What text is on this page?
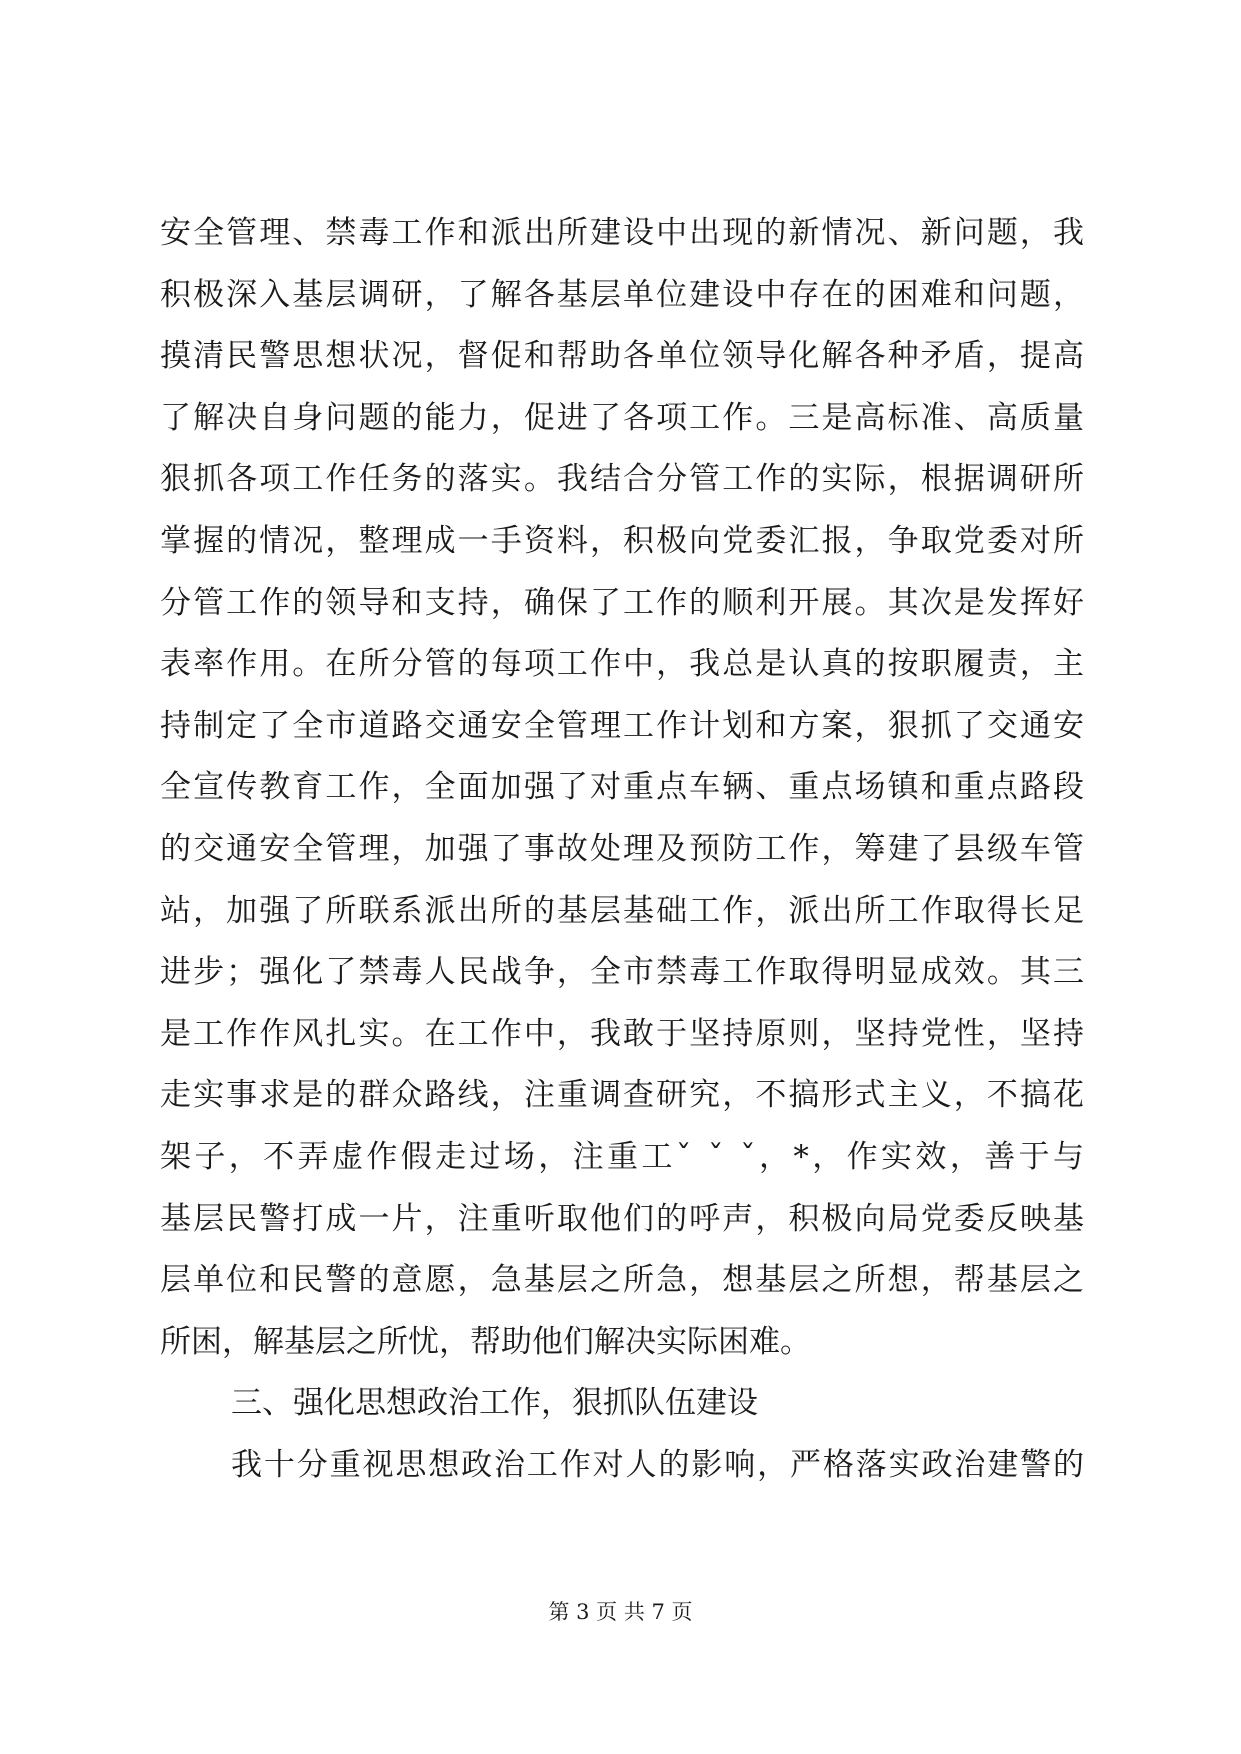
安全管理、禁毒工作和派出所建设中出现的新情况、新问题，我
积极深入基层调研，了解各基层单位建设中存在的困难和问题，
摸清民警思想状况，督促和帮助各单位领导化解各种矛盾，提高
了解决自身问题的能力，促进了各项工作。三是高标准、高质量
狠抓各项工作任务的落实。我结合分管工作的实际，根据调研所
掌握的情况，整理成一手资料，积极向党委汇报，争取党委对所
分管工作的领导和支持，确保了工作的顺利开展。其次是发挥好
表率作用。在所分管的每项工作中，我总是认真的按职履责，主
持制定了全市道路交通安全管理工作计划和方案，狠抓了交通安
全宣传教育工作，全面加强了对重点车辆、重点场镇和重点路段
的交通安全管理，加强了事故处理及预防工作，筹建了县级车管
站，加强了所联系派出所的基层基础工作，派出所工作取得长足
进步；强化了禁毒人民战争，全市禁毒工作取得明显成效。其三
是工作作风扎实。在工作中，我敢于坚持原则，坚持党性，坚持
走实事求是的群众路线，注重调查研究，不搞形式主义，不搞花
架子，不弄虚作假走过场，注重工ˇ ˇ ˇ，*，作实效，善于与
基层民警打成一片，注重听取他们的呼声，积极向局党委反映基
层单位和民警的意愿，急基层之所急，想基层之所想，帮基层之
所困，解基层之所忧，帮助他们解决实际困难。
三、强化思想政治工作，狠抓队伍建设
我十分重视思想政治工作对人的影响，严格落实政治建警的
第 3 页 共 7 页
